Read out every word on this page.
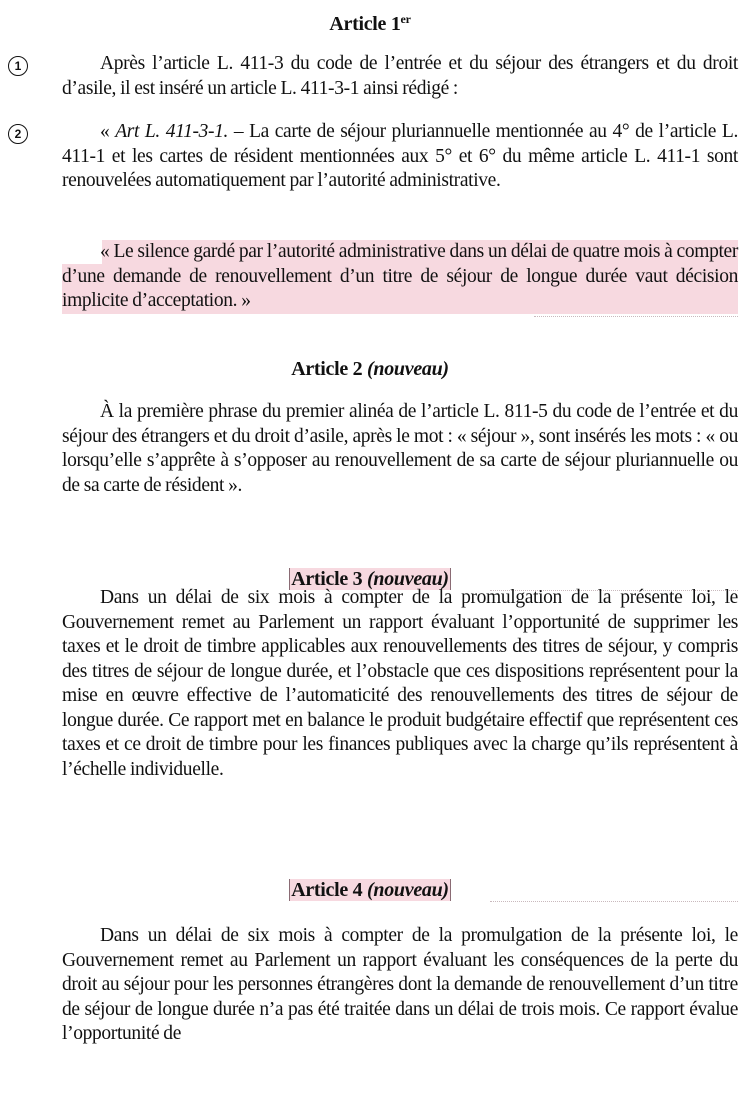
Article 1er
1	Après l’article L. 411-3 du code de l’entrée et du séjour des étrangers et du droit d’asile, il est inséré un article L. 411-3-1 ainsi rédigé :
2	« Art L. 411-3-1. – La carte de séjour pluriannuelle mentionnée au 4° de l’article L. 411-1 et les cartes de résident mentionnées aux 5° et 6° du même article L. 411-1 sont renouvelées automatiquement par l’autorité administrative.
« Le silence gardé par l’autorité administrative dans un délai de quatre mois à compter d’une demande de renouvellement d’un titre de séjour de longue durée vaut décision implicite d’acceptation. »
Article 2 (nouveau)
À la première phrase du premier alinéa de l’article L. 811-5 du code de l’entrée et du séjour des étrangers et du droit d’asile, après le mot : « séjour », sont insérés les mots : « ou lorsqu’elle s’apprête à s’opposer au renouvellement de sa carte de séjour pluriannuelle ou de sa carte de résident ».
Article 3 (nouveau)
Dans un délai de six mois à compter de la promulgation de la présente loi, le Gouvernement remet au Parlement un rapport évaluant l’opportunité de supprimer les taxes et le droit de timbre applicables aux renouvellements des titres de séjour, y compris des titres de séjour de longue durée, et l’obstacle que ces dispositions représentent pour la mise en œuvre effective de l’automaticité des renouvellements des titres de séjour de longue durée. Ce rapport met en balance le produit budgétaire effectif que représentent ces taxes et ce droit de timbre pour les finances publiques avec la charge qu’ils représentent à l’échelle individuelle.
Article 4 (nouveau)
Dans un délai de six mois à compter de la promulgation de la présente loi, le Gouvernement remet au Parlement un rapport évaluant les conséquences de la perte du droit au séjour pour les personnes étrangères dont la demande de renouvellement d’un titre de séjour de longue durée n’a pas été traitée dans un délai de trois mois. Ce rapport évalue l’opportunité de
